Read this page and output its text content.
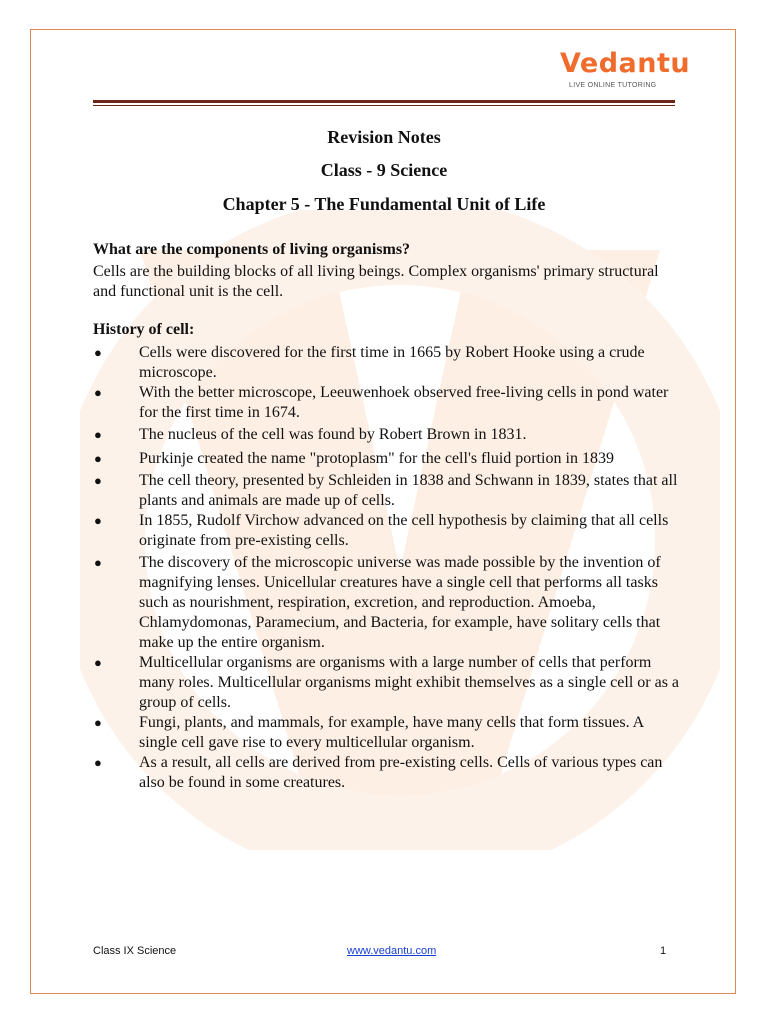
Vedantu
LIVE ONLINE TUTORING
Revision Notes
Class - 9 Science
Chapter 5 - The Fundamental Unit of Life
What are the components of living organisms?
Cells are the building blocks of all living beings. Complex organisms' primary structural and functional unit is the cell.
History of cell:
● Cells were discovered for the first time in 1665 by Robert Hooke using a crude microscope.
● With the better microscope, Leeuwenhoek observed free-living cells in pond water for the first time in 1674.
● The nucleus of the cell was found by Robert Brown in 1831.
● Purkinje created the name "protoplasm" for the cell's fluid portion in 1839
● The cell theory, presented by Schleiden in 1838 and Schwann in 1839, states that all plants and animals are made up of cells.
● In 1855, Rudolf Virchow advanced on the cell hypothesis by claiming that all cells originate from pre-existing cells.
● The discovery of the microscopic universe was made possible by the invention of magnifying lenses. Unicellular creatures have a single cell that performs all tasks such as nourishment, respiration, excretion, and reproduction. Amoeba, Chlamydomonas, Paramecium, and Bacteria, for example, have solitary cells that make up the entire organism.
● Multicellular organisms are organisms with a large number of cells that perform many roles. Multicellular organisms might exhibit themselves as a single cell or as a group of cells.
● Fungi, plants, and mammals, for example, have many cells that form tissues. A single cell gave rise to every multicellular organism.
● As a result, all cells are derived from pre-existing cells. Cells of various types can also be found in some creatures.
Class IX Science	www.vedantu.com	1
